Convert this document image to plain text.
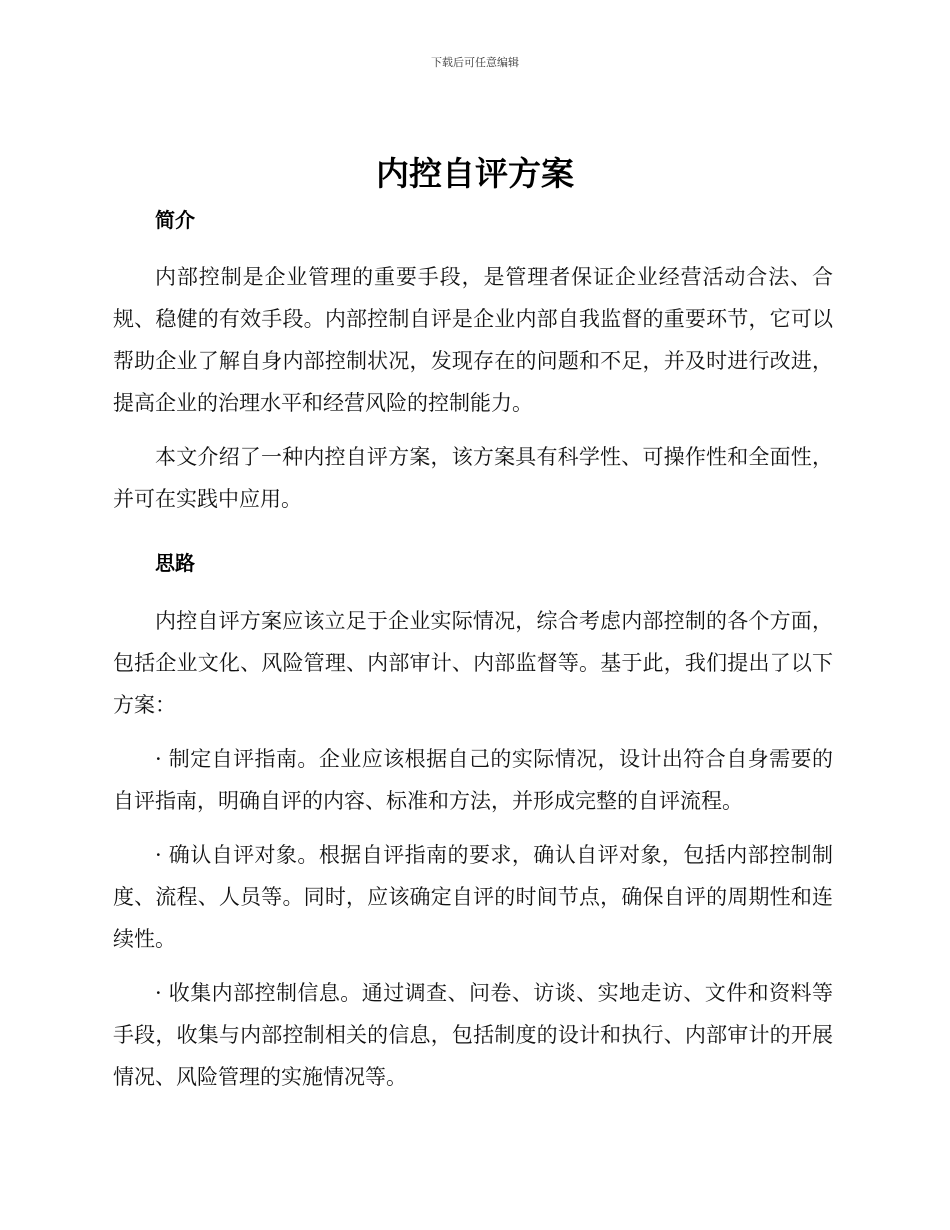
下载后可任意编辑
内控自评方案
简介

内部控制是企业管理的重要手段，是管理者保证企业经营活动合法、合规、稳健的有效手段。内部控制自评是企业内部自我监督的重要环节，它可以帮助企业了解自身内部控制状况，发现存在的问题和不足，并及时进行改进，提高企业的治理水平和经营风险的控制能力。

本文介绍了一种内控自评方案，该方案具有科学性、可操作性和全面性，并可在实践中应用。

思路

内控自评方案应该立足于企业实际情况，综合考虑内部控制的各个方面，包括企业文化、风险管理、内部审计、内部监督等。基于此，我们提出了以下方案：

· 制定自评指南。企业应该根据自己的实际情况，设计出符合自身需要的自评指南，明确自评的内容、标准和方法，并形成完整的自评流程。

· 确认自评对象。根据自评指南的要求，确认自评对象，包括内部控制制度、流程、人员等。同时，应该确定自评的时间节点，确保自评的周期性和连续性。

· 收集内部控制信息。通过调查、问卷、访谈、实地走访、文件和资料等手段，收集与内部控制相关的信息，包括制度的设计和执行、内部审计的开展情况、风险管理的实施情况等。
